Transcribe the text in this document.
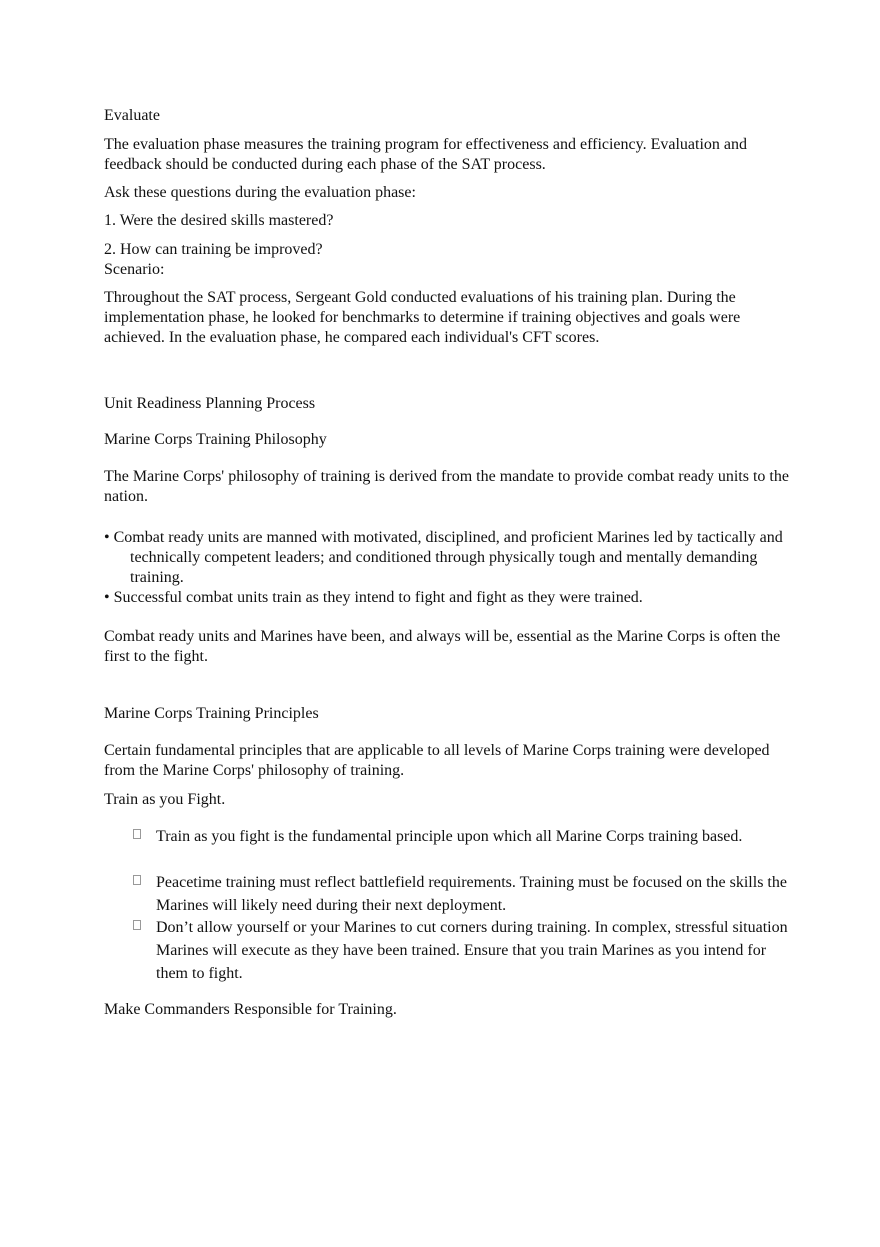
Evaluate

The evaluation phase measures the training program for effectiveness and efficiency. Evaluation and feedback should be conducted during each phase of the SAT process.

Ask these questions during the evaluation phase:

1. Were the desired skills mastered?

2. How can training be improved?

Scenario:

Throughout the SAT process, Sergeant Gold conducted evaluations of his training plan. During the implementation phase, he looked for benchmarks to determine if training objectives and goals were achieved. In the evaluation phase, he compared each individual's CFT scores.

Unit Readiness Planning Process

Marine Corps Training Philosophy

The Marine Corps' philosophy of training is derived from the mandate to provide combat ready units to the nation.

• Combat ready units are manned with motivated, disciplined, and proficient Marines led by tactically and technically competent leaders; and conditioned through physically tough and mentally demanding training.
• Successful combat units train as they intend to fight and fight as they were trained.

Combat ready units and Marines have been, and always will be, essential as the Marine Corps is often the first to the fight.

Marine Corps Training Principles

Certain fundamental principles that are applicable to all levels of Marine Corps training were developed from the Marine Corps' philosophy of training.

Train as you Fight.

Train as you fight is the fundamental principle upon which all Marine Corps training based.
Peacetime training must reflect battlefield requirements. Training must be focused on the skills the Marines will likely need during their next deployment.
Don’t allow yourself or your Marines to cut corners during training. In complex, stressful situation Marines will execute as they have been trained. Ensure that you train Marines as you intend for them to fight.

Make Commanders Responsible for Training.
